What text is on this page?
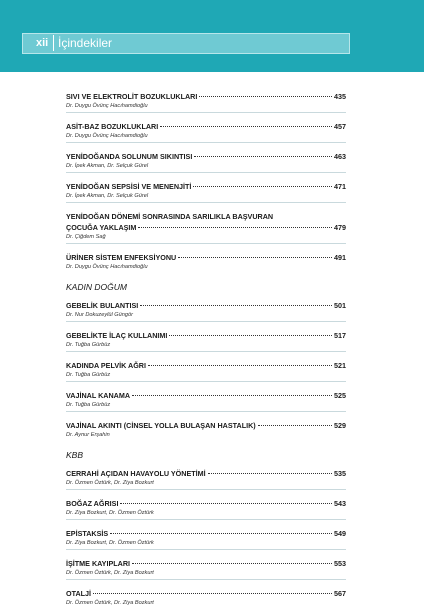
xii İçindekiler
SIVI VE ELEKTROLİT BOZUKLUKLARI	435
Dr. Duygu Övünç Hacıhamdioğlu
ASİT-BAZ BOZUKLUKLARI	457
Dr. Duygu Övünç Hacıhamdioğlu
YENİDOĞANDA SOLUNUM SIKINTISI	463
Dr. İpek Akman, Dr. Selçuk Gürel
YENİDOĞAN SEPSİSİ VE MENENJİTİ	471
Dr. İpek Akman, Dr. Selçuk Gürel
YENİDOĞAN DÖNEMİ SONRASINDA SARILIKLA BAŞVURAN
ÇOCUĞA YAKLAŞIM	479
Dr. Çiğdem Sağ
ÜRİNER SİSTEM ENFEKSİYONU	491
Dr. Duygu Övünç Hacıhamdioğlu
KADIN DOĞUM
GEBELİK BULANTISI	501
Dr. Nur Dokuzeylül Güngör
GEBELİKTE İLAÇ KULLANIMI	517
Dr. Tuğba Gürbüz
KADINDA PELVİK AĞRI	521
Dr. Tuğba Gürbüz
VAJİNAL KANAMA	525
Dr. Tuğba Gürbüz
VAJİNAL AKINTI (CİNSEL YOLLA BULAŞAN HASTALIK)	529
Dr. Aynur Erşahin
KBB
CERRAHİ AÇIDAN HAVAYOLU YÖNETİMİ	535
Dr. Özmen Öztürk, Dr. Ziya Bozkurt
BOĞAZ AĞRISI	543
Dr. Ziya Bozkurt, Dr. Özmen Öztürk
EPİSTAKSİS	549
Dr. Ziya Bozkurt, Dr. Özmen Öztürk
İŞİTME KAYIPLARI	553
Dr. Özmen Öztürk, Dr. Ziya Bozkurt
OTALJİ	567
Dr. Özmen Öztürk, Dr. Ziya Bozkurt
